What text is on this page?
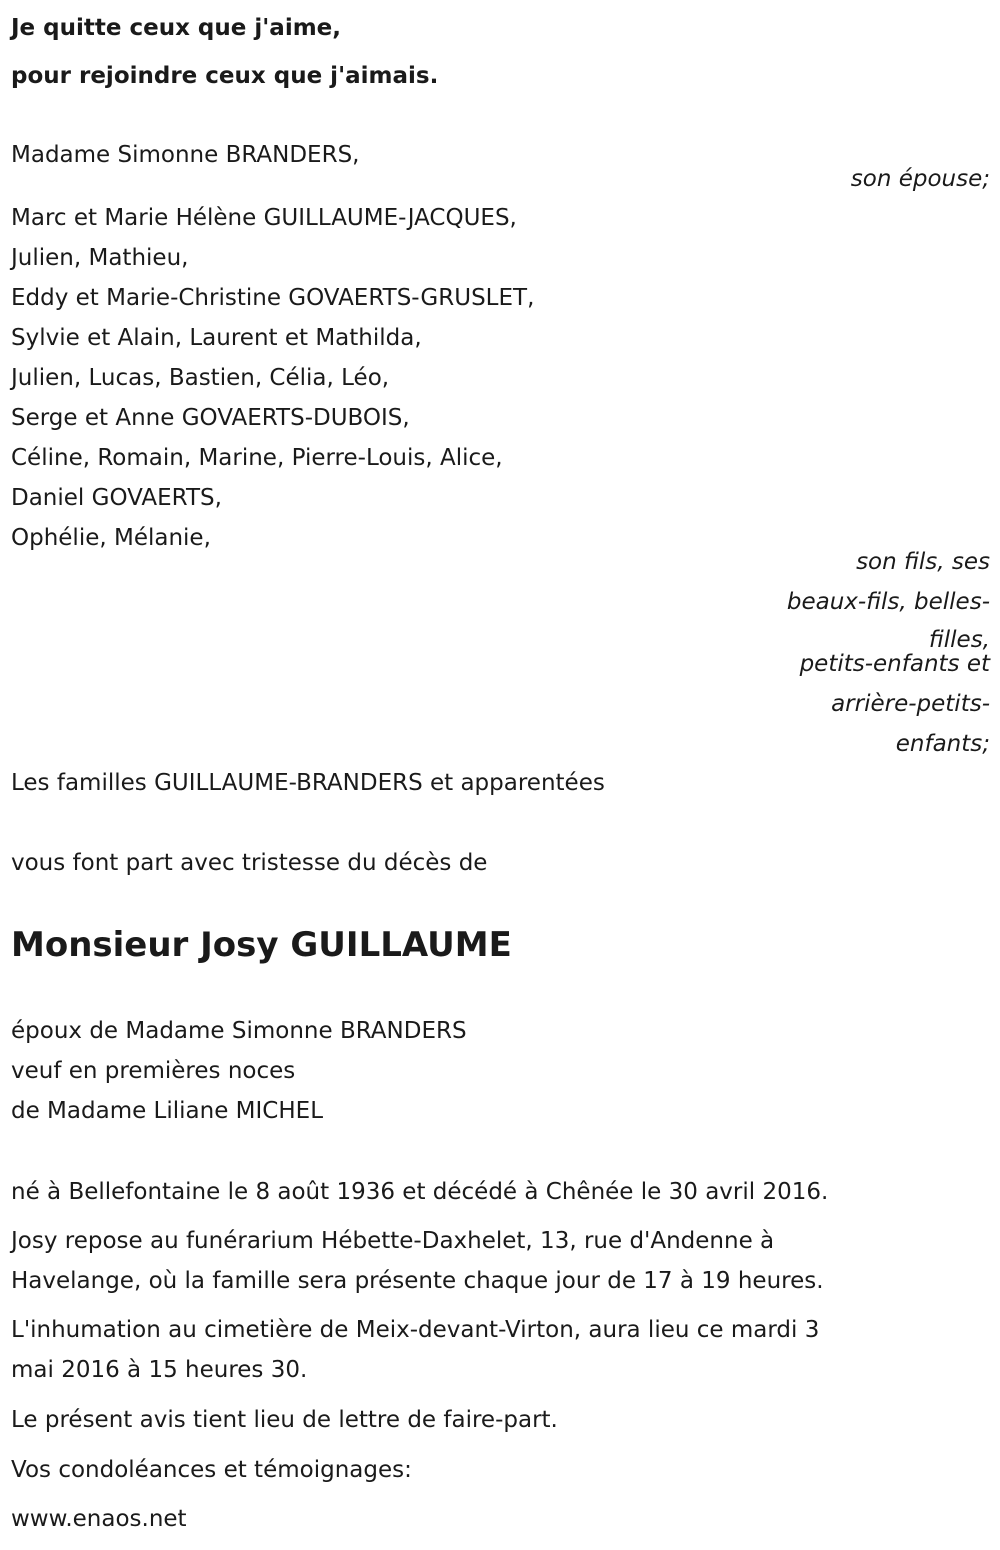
Je quitte ceux que j'aime,

pour rejoindre ceux que j'aimais.

Madame Simonne BRANDERS,

son épouse;

Marc et Marie Hélène GUILLAUME-JACQUES,

Julien, Mathieu,

Eddy et Marie-Christine GOVAERTS-GRUSLET,

Sylvie et Alain, Laurent et Mathilda,

Julien, Lucas, Bastien, Célia, Léo,

Serge et Anne GOVAERTS-DUBOIS,

Céline, Romain, Marine, Pierre-Louis, Alice,

Daniel GOVAERTS,

Ophélie, Mélanie,

son fils, ses

beaux-fils, belles-

filles,

petits-enfants et

arrière-petits-

enfants;

Les familles GUILLAUME-BRANDERS et apparentées

vous font part avec tristesse du décès de

Monsieur Josy GUILLAUME

époux de Madame Simonne BRANDERS

veuf en premières noces

de Madame Liliane MICHEL

né à Bellefontaine le 8 août 1936 et décédé à Chênée le 30 avril 2016.

Josy repose au funérarium Hébette-Daxhelet, 13, rue d'Andenne à

Havelange, où la famille sera présente chaque jour de 17 à 19 heures.

L'inhumation au cimetière de Meix-devant-Virton, aura lieu ce mardi 3

mai 2016 à 15 heures 30.

Le présent avis tient lieu de lettre de faire-part.

Vos condoléances et témoignages:

www.enaos.net
